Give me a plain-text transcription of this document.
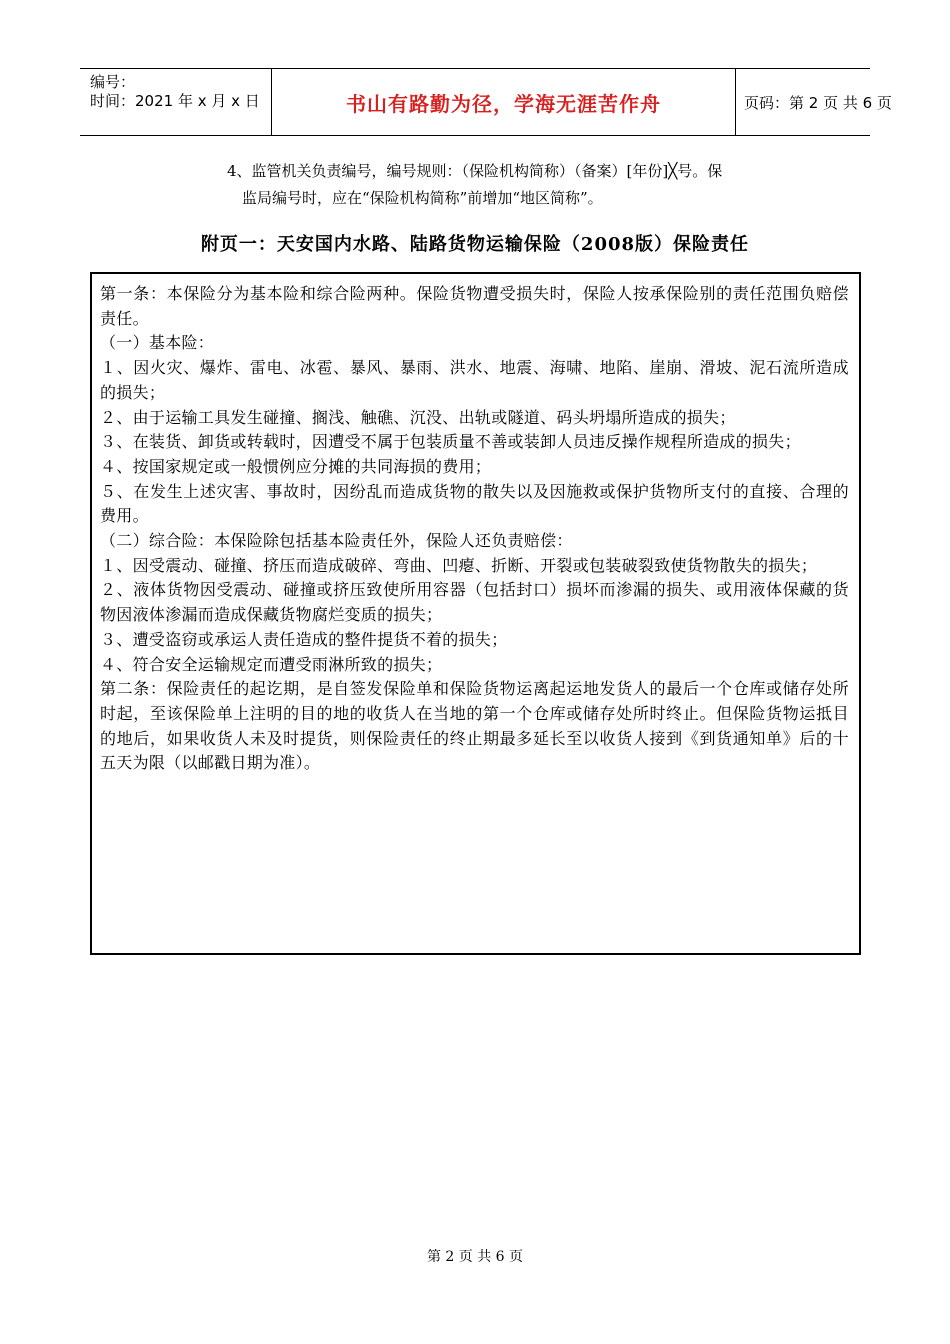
编号：
时间：2021 年 x 月 x 日	书山有路勤为径，学海无涯苦作舟	页码：第 2 页 共 6 页

4、监管机关负责编号，编号规则：（保险机构简称）（备案）[年份]╳号。保

监局编号时，应在“保险机构简称”前增加“地区简称”。

附页一：天安国内水路、陆路货物运输保险（2008版）保险责任

第一条：本保险分为基本险和综合险两种。保险货物遭受损失时，保险人按承保险别的责任范围负赔偿责任。

（一）基本险：

１、因火灾、爆炸、雷电、冰雹、暴风、暴雨、洪水、地震、海啸、地陷、崖崩、滑坡、泥石流所造成的损失；

２、由于运输工具发生碰撞、搁浅、触礁、沉没、出轨或隧道、码头坍塌所造成的损失；

３、在装货、卸货或转载时，因遭受不属于包装质量不善或装卸人员违反操作规程所造成的损失；

４、按国家规定或一般惯例应分摊的共同海损的费用；

５、在发生上述灾害、事故时，因纷乱而造成货物的散失以及因施救或保护货物所支付的直接、合理的费用。

（二）综合险：本保险除包括基本险责任外，保险人还负责赔偿：

１、因受震动、碰撞、挤压而造成破碎、弯曲、凹瘪、折断、开裂或包装破裂致使货物散失的损失；

２、液体货物因受震动、碰撞或挤压致使所用容器（包括封口）损坏而渗漏的损失、或用液体保藏的货物因液体渗漏而造成保藏货物腐烂变质的损失；

３、遭受盗窃或承运人责任造成的整件提货不着的损失；

４、符合安全运输规定而遭受雨淋所致的损失；

第二条：保险责任的起讫期，是自签发保险单和保险货物运离起运地发货人的最后一个仓库或储存处所时起，至该保险单上注明的目的地的收货人在当地的第一个仓库或储存处所时终止。但保险货物运抵目的地后，如果收货人未及时提货，则保险责任的终止期最多延长至以收货人接到《到货通知单》后的十五天为限（以邮戳日期为准）。

第 2 页 共 6 页
